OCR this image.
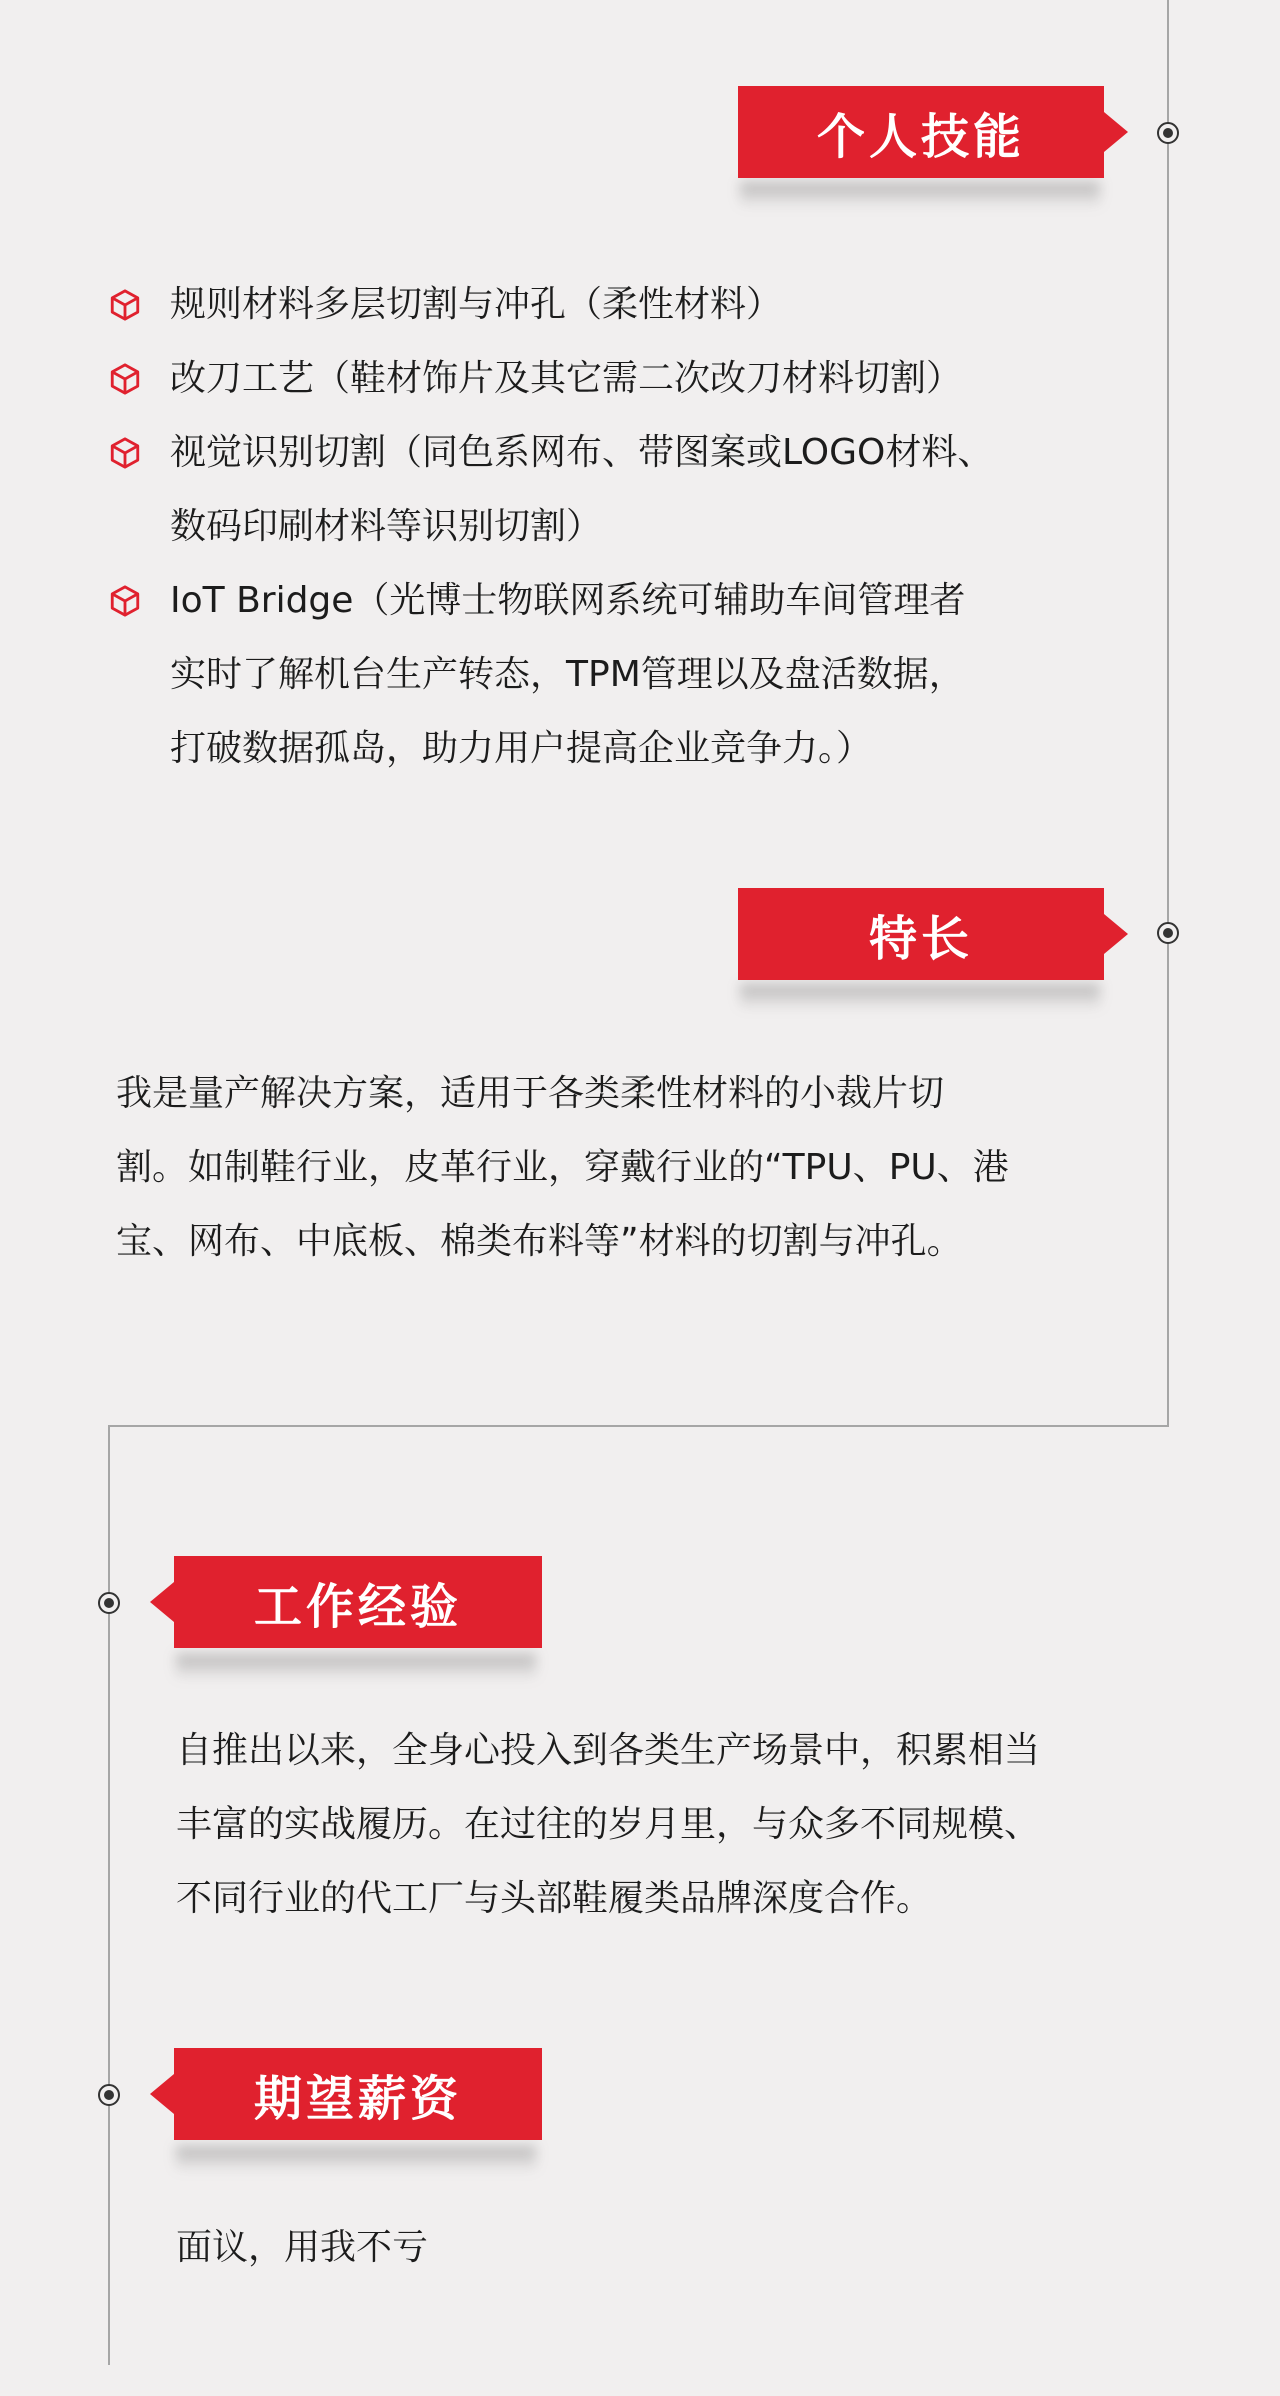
个人技能
规则材料多层切割与冲孔（柔性材料）
改刀工艺（鞋材饰片及其它需二次改刀材料切割）
视觉识别切割（同色系网布、带图案或LOGO材料、
数码印刷材料等识别切割）
IoT Bridge（光博士物联网系统可辅助车间管理者
实时了解机台生产转态，TPM管理以及盘活数据，
打破数据孤岛，助力用户提高企业竞争力。）
特长

我是量产解决方案，适用于各类柔性材料的小裁片切
割。如制鞋行业，皮革行业，穿戴行业的“TPU、PU、港
宝、网布、中底板、棉类布料等”材料的切割与冲孔。

工作经验

自推出以来，全身心投入到各类生产场景中，积累相当
丰富的实战履历。在过往的岁月里，与众多不同规模、
不同行业的代工厂与头部鞋履类品牌深度合作。

期望薪资

面议，用我不亏
